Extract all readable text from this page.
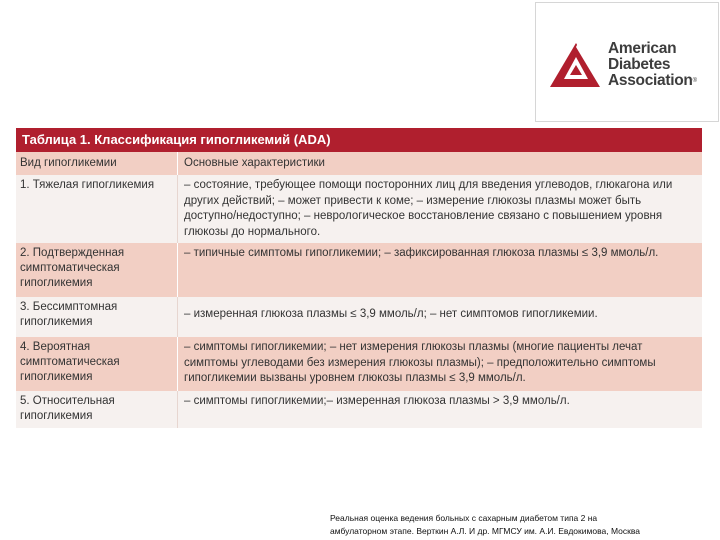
American
Diabetes
Association®
Таблица 1. Классификация гипогликемий (ADA)
Вид гипогликемии	Основные характеристики
1. Тяжелая гипогликемия	– состояние, требующее помощи посторонних лиц для введения углеводов, глюкагона или других действий; – может привести к коме; – измерение глюкозы плазмы может быть доступно/недоступно; – неврологическое восстановление связано с повышением уровня глюкозы до нормального.
2. Подтвержденная симптоматическая гипогликемия
– типичные симптомы гипогликемии; – зафиксированная глюкоза плазмы ≤ 3,9 ммоль/л.
3. Бессимптомная гипогликемия
– измеренная глюкоза плазмы ≤ 3,9 ммоль/л; – нет симптомов гипогликемии.
4. Вероятная симптоматическая гипогликемия
– симптомы гипогликемии; – нет измерения глюкозы плазмы (многие пациенты лечат симптомы углеводами без измерения глюкозы плазмы); – предположительно симптомы гипогликемии вызваны уровнем глюкозы плазмы ≤ 3,9 ммоль/л.
5. Относительная гипогликемия
– симптомы гипогликемии;– измеренная глюкоза плазмы > 3,9 ммоль/л.
Реальная оценка ведения больных с сахарным диабетом типа 2 на
амбулаторном этапе. Верткин А.Л. И др. МГМСУ им. А.И. Евдокимова, Москва
